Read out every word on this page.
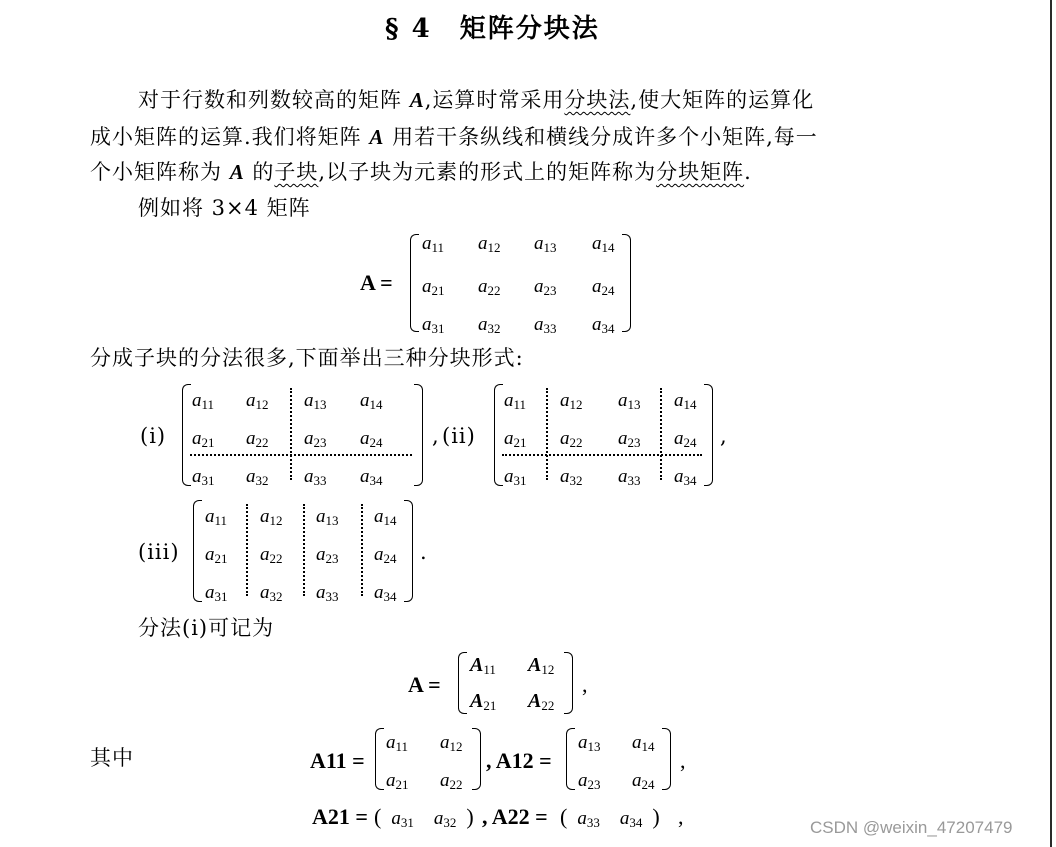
§ 4　矩阵分块法
对于行数和列数较高的矩阵 A,运算时常采用分块法,使大矩阵的运算化
成小矩阵的运算.我们将矩阵 A 用若干条纵线和横线分成许多个小矩阵,每一
个小矩阵称为 A 的子块,以子块为元素的形式上的矩阵称为分块矩阵.
例如将 3×4 矩阵
A =
$a_{11}$ $a_{12}$ $a_{13}$ $a_{14}$
$a_{21}$ $a_{22}$ $a_{23}$ $a_{24}$
$a_{31}$ $a_{32}$ $a_{33}$ $a_{34}$
分成子块的分法很多,下面举出三种分块形式:
(i)
$a_{11}$ $a_{12}$ $a_{13}$ $a_{14}$
$a_{21}$ $a_{22}$ $a_{23}$ $a_{24}$
$a_{31}$ $a_{32}$ $a_{33}$ $a_{34}$
, (ii)
$a_{11}$ $a_{12}$ $a_{13}$ $a_{14}$
$a_{21}$ $a_{22}$ $a_{23}$ $a_{24}$
$a_{31}$ $a_{32}$ $a_{33}$ $a_{34}$
,
(iii)
$a_{11}$ $a_{12}$ $a_{13}$ $a_{14}$
$a_{21}$ $a_{22}$ $a_{23}$ $a_{24}$
$a_{31}$ $a_{32}$ $a_{33}$ $a_{34}$
.
分法(i)可记为
A =
$A_{11}$ $A_{12}$
$A_{21}$ $A_{22}$
,
其中	A11 =
$a_{11}$ $a_{12}$
$a_{21}$ $a_{22}$
, A12 =
$a_{13}$ $a_{14}$
$a_{23}$ $a_{24}$
,
A21 = ( $a_{31}$ $a_{32}$ ) , A22 = ( $a_{33}$ $a_{34}$ ) ,	CSDN @weixin_47207479
